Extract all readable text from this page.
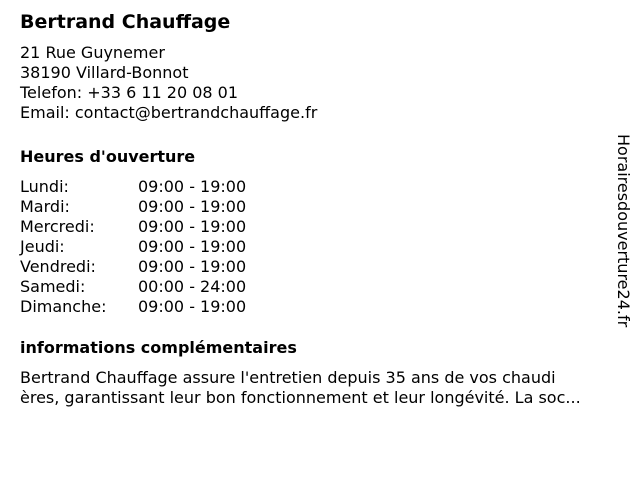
Bertrand Chauffage
21 Rue Guynemer
38190 Villard-Bonnot
Telefon: +33 6 11 20 08 01
Email: contact@bertrandchauffage.fr
Heures d'ouverture
Lundi:	09:00 - 19:00
Mardi:	09:00 - 19:00
Mercredi:	09:00 - 19:00
Jeudi:	09:00 - 19:00
Vendredi:	09:00 - 19:00
Samedi:	00:00 - 24:00
Dimanche:	09:00 - 19:00
informations complémentaires
Bertrand Chauffage assure l'entretien depuis 35 ans de vos chaudi
ères, garantissant leur bon fonctionnement et leur longévité. La soc...
Horairesdouverture24.fr
